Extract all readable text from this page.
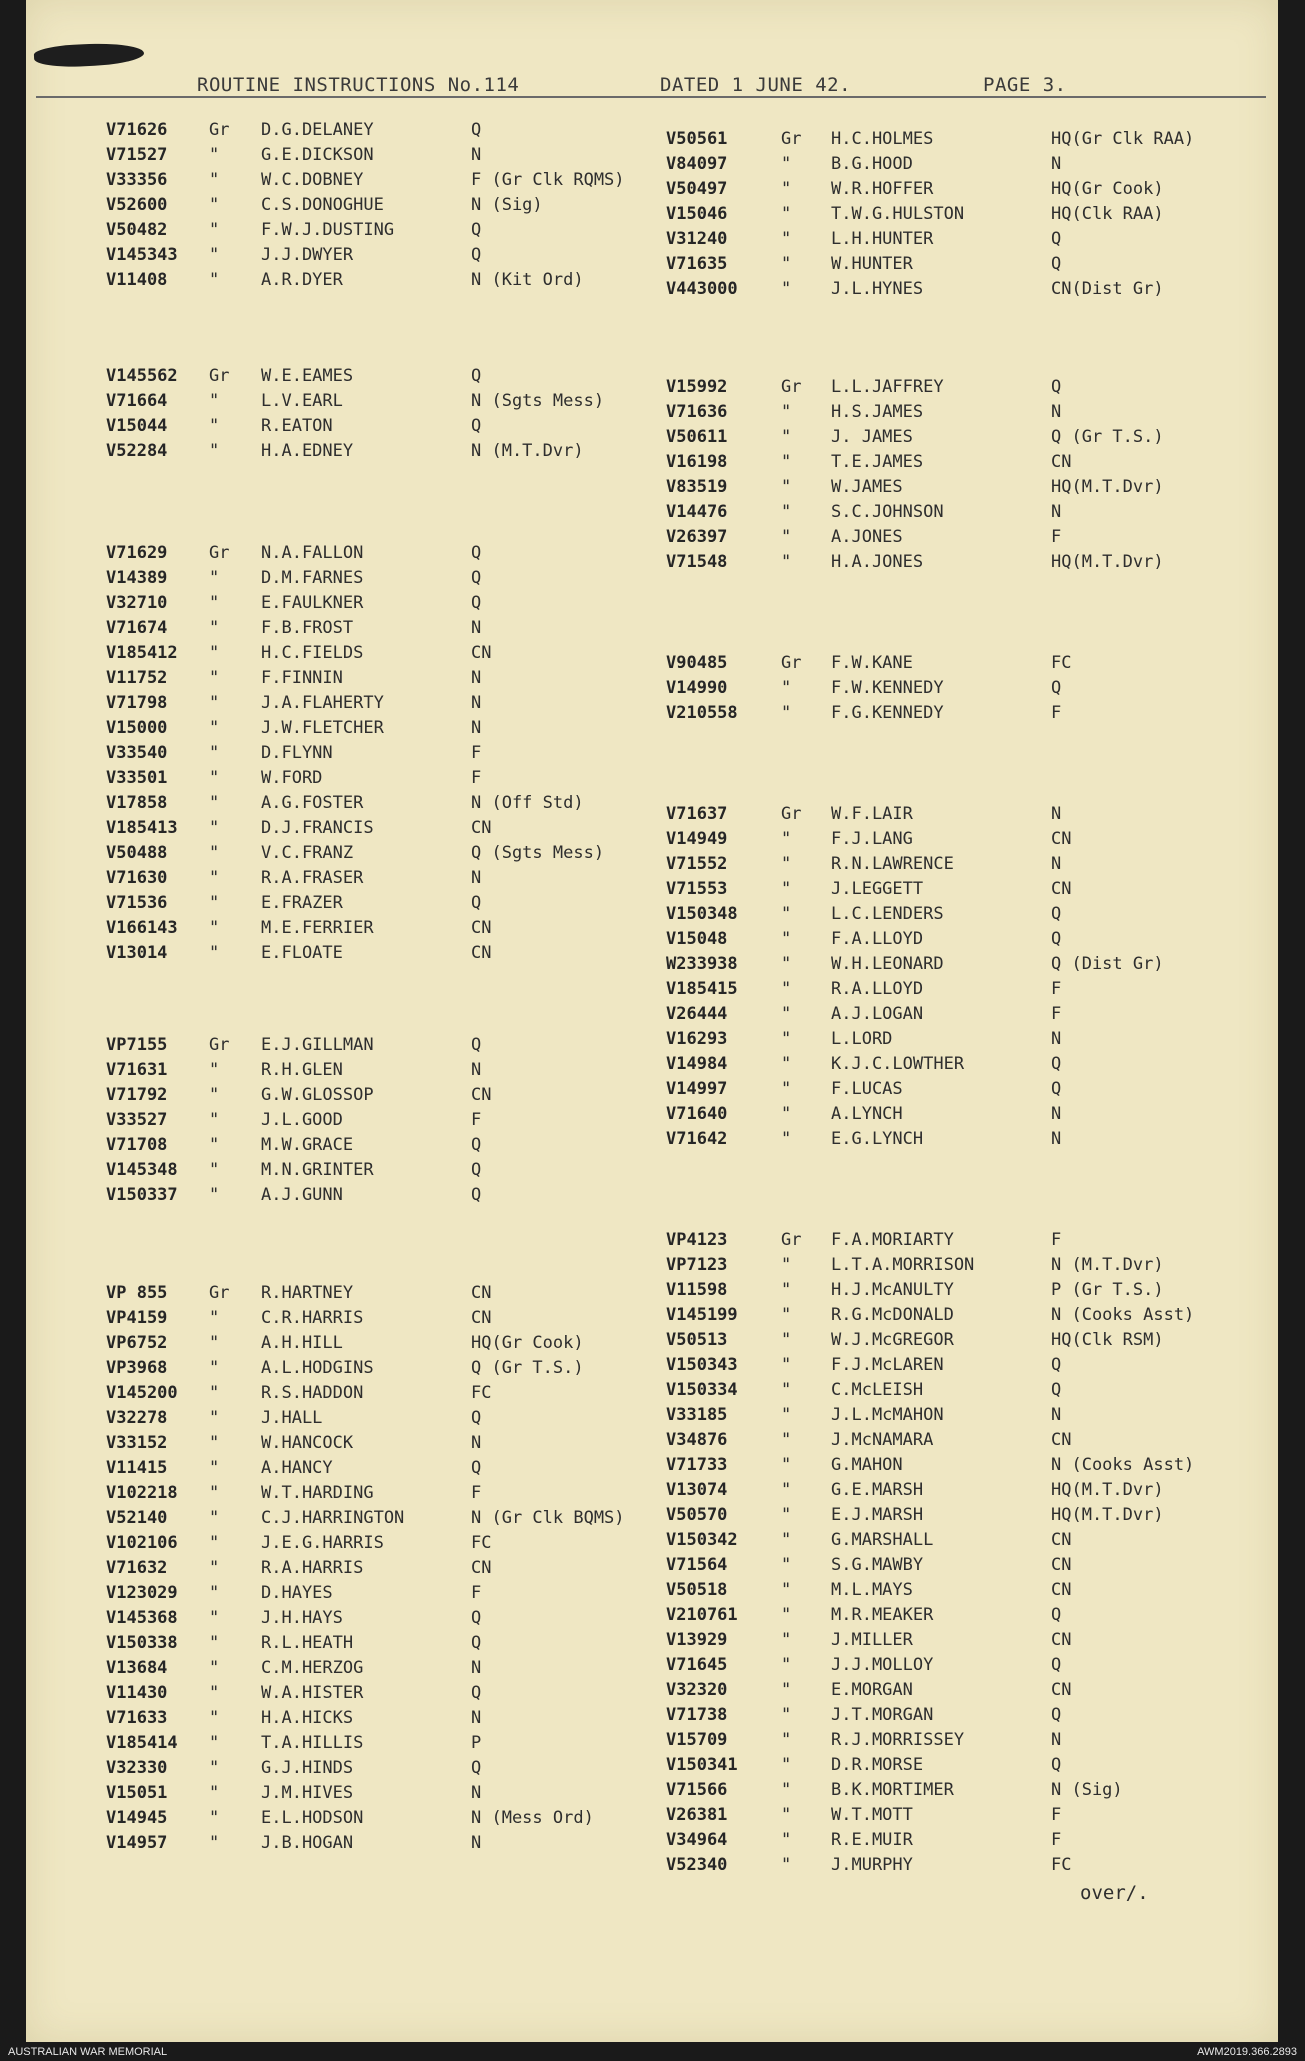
ROUTINE INSTRUCTIONS No.114	DATED 1 JUNE 42.	PAGE 3.
V71626 Gr D.G.DELANEY	Q
V71527 " G.E.DICKSON	N
V33356 " W.C.DOBNEY	F (Gr Clk RQMS)
V52600 " C.S.DONOGHUE	N (Sig)
V50482 " F.W.J.DUSTING	Q
V145343 " J.J.DWYER	Q
V11408 " A.R.DYER	N (Kit Ord)
V145562 Gr W.E.EAMES	Q
V71664 " L.V.EARL	N (Sgts Mess)
V15044 " R.EATON	Q
V52284 " H.A.EDNEY	N (M.T.Dvr)
V71629 Gr N.A.FALLON	Q
V14389 " D.M.FARNES	Q
V32710 " E.FAULKNER	Q
V71674 " F.B.FROST	N
V185412 " H.C.FIELDS	CN
V11752 " F.FINNIN	N
V71798 " J.A.FLAHERTY	N
V15000 " J.W.FLETCHER	N
V33540 " D.FLYNN	F
V33501 " W.FORD	F
V17858 " A.G.FOSTER	N (Off Std)
V185413 " D.J.FRANCIS	CN
V50488 " V.C.FRANZ	Q (Sgts Mess)
V71630 " R.A.FRASER	N
V71536 " E.FRAZER	Q
V166143 " M.E.FERRIER	CN
V13014 " E.FLOATE	CN
VP7155 Gr E.J.GILLMAN	Q
V71631 " R.H.GLEN	N
V71792 " G.W.GLOSSOP	CN
V33527 " J.L.GOOD	F
V71708 " M.W.GRACE	Q
V145348 " M.N.GRINTER	Q
V150337 " A.J.GUNN	Q
VP 855 Gr R.HARTNEY	CN
VP4159 " C.R.HARRIS	CN
VP6752 " A.H.HILL	HQ(Gr Cook)
VP3968 " A.L.HODGINS	Q (Gr T.S.)
V145200 " R.S.HADDON	FC
V32278 " J.HALL	Q
V33152 " W.HANCOCK	N
V11415 " A.HANCY	Q
V102218 " W.T.HARDING	F
V52140 " C.J.HARRINGTON	N (Gr Clk BQMS)
V102106 " J.E.G.HARRIS	FC
V71632 " R.A.HARRIS	CN
V123029 " D.HAYES	F
V145368 " J.H.HAYS	Q
V150338 " R.L.HEATH	Q
V13684 " C.M.HERZOG	N
V11430 " W.A.HISTER	Q
V71633 " H.A.HICKS	N
V185414 " T.A.HILLIS	P
V32330 " G.J.HINDS	Q
V15051 " J.M.HIVES	N
V14945 " E.L.HODSON	N (Mess Ord)
V14957 " J.B.HOGAN	N
V50561	Gr H.C.HOLMES	HQ(Gr Clk RAA)
V84097	" B.G.HOOD	N
V50497	" W.R.HOFFER	HQ(Gr Cook)
V15046	" T.W.G.HULSTON	HQ(Clk RAA)
V31240	" L.H.HUNTER	Q
V71635	" W.HUNTER	Q
V443000	" J.L.HYNES	CN(Dist Gr)
V15992	Gr L.L.JAFFREY	Q
V71636	" H.S.JAMES	N
V50611	" J. JAMES	Q (Gr T.S.)
V16198	" T.E.JAMES	CN
V83519	" W.JAMES	HQ(M.T.Dvr)
V14476	" S.C.JOHNSON	N
V26397	" A.JONES	F
V71548	" H.A.JONES	HQ(M.T.Dvr)
V90485	Gr F.W.KANE	FC
V14990	" F.W.KENNEDY	Q
V210558	" F.G.KENNEDY	F
V71637	Gr W.F.LAIR	N
V14949	" F.J.LANG	CN
V71552	" R.N.LAWRENCE	N
V71553	" J.LEGGETT	CN
V150348	" L.C.LENDERS	Q
V15048	" F.A.LLOYD	Q
W233938	" W.H.LEONARD	Q (Dist Gr)
V185415	" R.A.LLOYD	F
V26444	" A.J.LOGAN	F
V16293	" L.LORD	N
V14984	" K.J.C.LOWTHER	Q
V14997	" F.LUCAS	Q
V71640	" A.LYNCH	N
V71642	" E.G.LYNCH	N
VP4123	Gr F.A.MORIARTY	F
VP7123	" L.T.A.MORRISON	N (M.T.Dvr)
V11598	" H.J.McANULTY	P (Gr T.S.)
V145199	" R.G.McDONALD	N (Cooks Asst)
V50513	" W.J.McGREGOR	HQ(Clk RSM)
V150343	" F.J.McLAREN	Q
V150334	" C.McLEISH	Q
V33185	" J.L.McMAHON	N
V34876	" J.McNAMARA	CN
V71733	" G.MAHON	N (Cooks Asst)
V13074	" G.E.MARSH	HQ(M.T.Dvr)
V50570	" E.J.MARSH	HQ(M.T.Dvr)
V150342	" G.MARSHALL	CN
V71564	" S.G.MAWBY	CN
V50518	" M.L.MAYS	CN
V210761	" M.R.MEAKER	Q
V13929	" J.MILLER	CN
V71645	" J.J.MOLLOY	Q
V32320	" E.MORGAN	CN
V71738	" J.T.MORGAN	Q
V15709	" R.J.MORRISSEY	N
V150341	" D.R.MORSE	Q
V71566	" B.K.MORTIMER	N (Sig)
V26381	" W.T.MOTT	F
V34964	" R.E.MUIR	F
V52340	" J.MURPHY	FC
over/.
AUSTRALIAN WAR MEMORIAL	AWM2019.366.2893
